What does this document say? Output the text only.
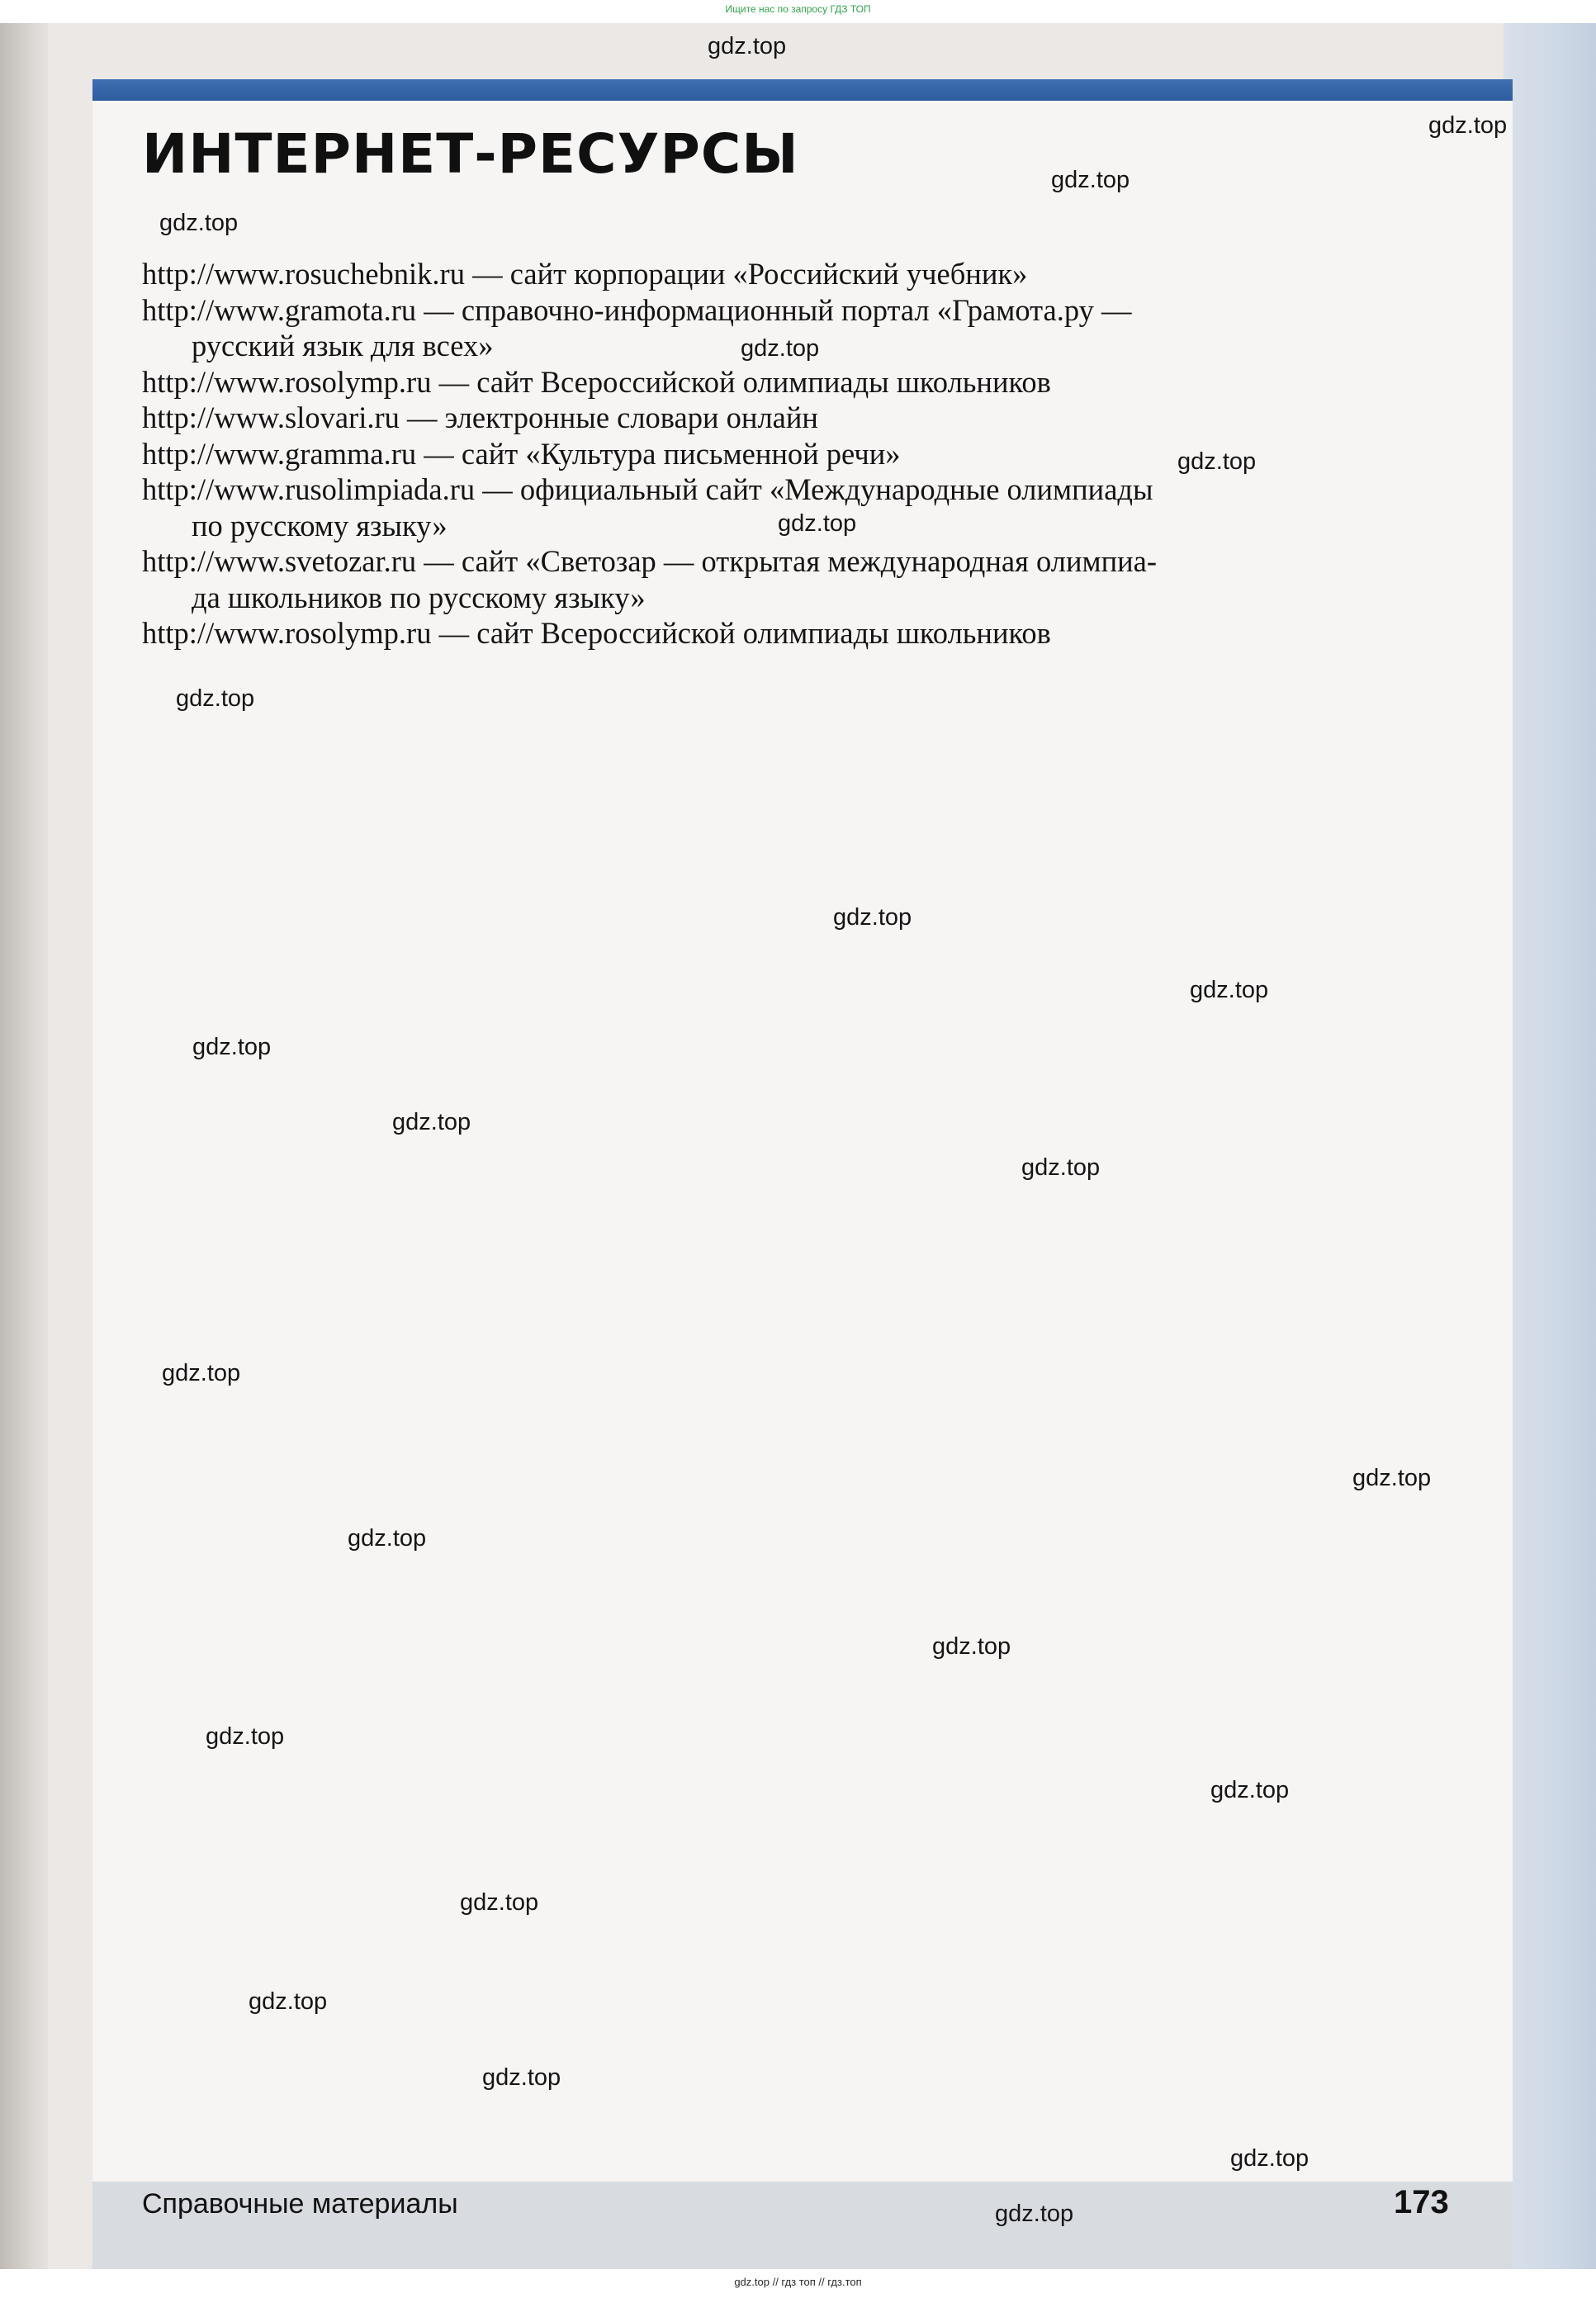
Ищите нас по запросу ГДЗ ТОП
ИНТЕРНЕТ-РЕСУРСЫ
http://www.rosuchebnik.ru — сайт корпорации «Российский учебник»
http://www.gramota.ru — справочно-информационный портал «Грамота.ру —
русский язык для всех»
http://www.rosolymp.ru — сайт Всероссийской олимпиады школьников
http://www.slovari.ru — электронные словари онлайн
http://www.gramma.ru — сайт «Культура письменной речи»
http://www.rusolimpiada.ru — официальный сайт «Международные олимпиады
по русскому языку»
http://www.svetozar.ru — сайт «Светозар — открытая международная олимпиа-
да школьников по русскому языку»
http://www.rosolymp.ru — сайт Всероссийской олимпиады школьников
Справочные материалы	173
gdz.top
gdz.top
gdz.top
gdz.top
gdz.top
gdz.top
gdz.top
gdz.top
gdz.top
gdz.top
gdz.top
gdz.top
gdz.top
gdz.top
gdz.top
gdz.top
gdz.top
gdz.top
gdz.top
gdz.top
gdz.top
gdz.top
gdz.top
gdz.top
gdz.top // гдз топ // гдз.топ
